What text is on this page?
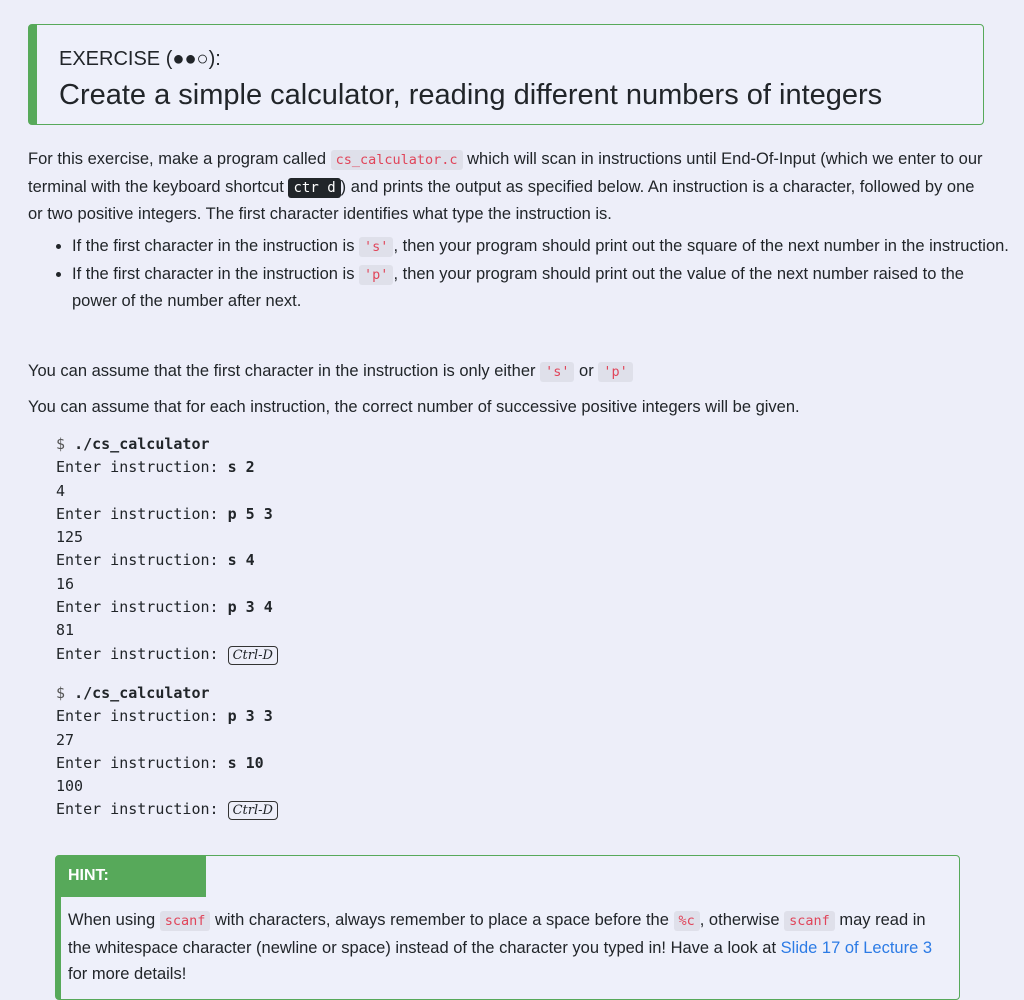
EXERCISE (●●○):
Create a simple calculator, reading different numbers of integers
For this exercise, make a program called cs_calculator.c which will scan in instructions until End-Of-Input (which we enter to our terminal with the keyboard shortcut ctr d ) and prints the output as specified below. An instruction is a character, followed by one or two positive integers. The first character identifies what type the instruction is.
• If the first character in the instruction is 's' , then your program should print out the square of the next number in the instruction.
• If the first character in the instruction is 'p' , then your program should print out the value of the next number raised to the power of the number after next.
You can assume that the first character in the instruction is only either 's' or 'p'
You can assume that for each instruction, the correct number of successive positive integers will be given.
$ ./cs_calculator
Enter instruction: s 2
4
Enter instruction: p 5 3
125
Enter instruction: s 4
16
Enter instruction: p 3 4
81
Enter instruction: Ctrl-D
$ ./cs_calculator
Enter instruction: p 3 3
27
Enter instruction: s 10
100
Enter instruction: Ctrl-D
HINT:
When using scanf with characters, always remember to place a space before the %c , otherwise scanf may read in the whitespace character (newline or space) instead of the character you typed in! Have a look at Slide 17 of Lecture 3 for more details!
